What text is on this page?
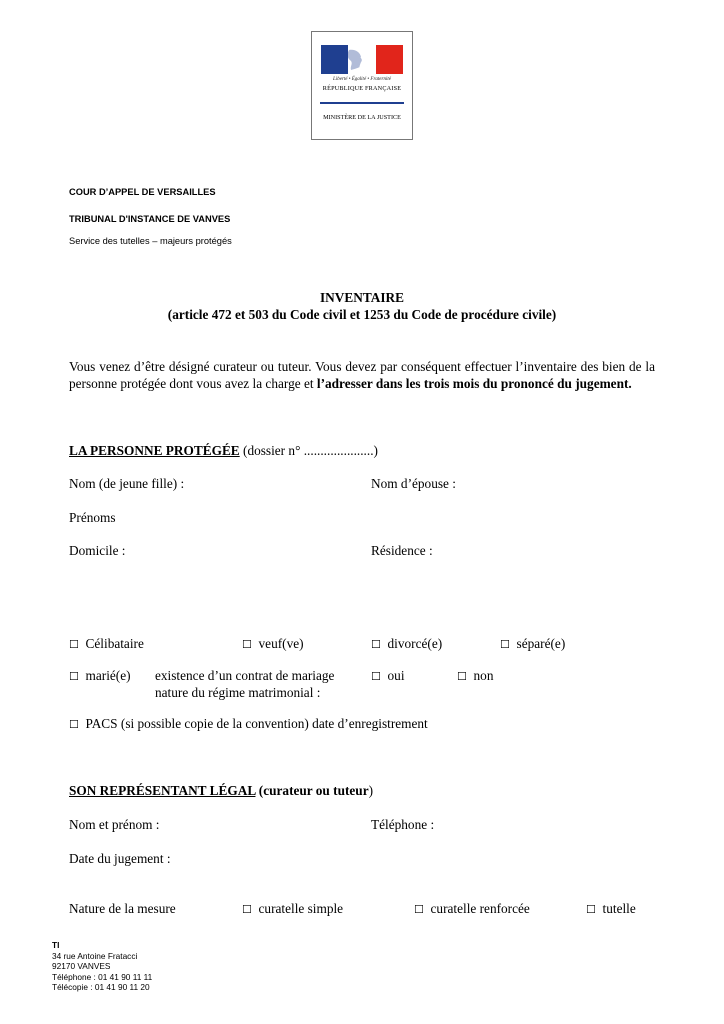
Liberté • Égalité • Fraternité
RÉPUBLIQUE FRANÇAISE
MINISTÈRE DE LA JUSTICE
COUR D’APPEL DE VERSAILLES
TRIBUNAL D'INSTANCE DE VANVES
Service des tutelles – majeurs protégés
INVENTAIRE
(article 472 et 503 du Code civil et 1253 du Code de procédure civile)
Vous venez d’être désigné curateur ou tuteur. Vous devez par conséquent effectuer l’inventaire des bien de la personne protégée dont vous avez la charge et l’adresser dans les trois mois du prononcé du jugement.
LA PERSONNE PROTÉGÉE (dossier n° .....................)
Nom (de jeune fille) :	Nom d’épouse :
Prénoms
Domicile :	Résidence :
☐ Célibataire	☐ veuf(ve)	☐ divorcé(e)	☐ séparé(e)
☐ marié(e) existence d’un contrat de mariage
nature du régime matrimonial :
☐ oui	☐ non
☐ PACS (si possible copie de la convention) date d’enregistrement
SON REPRÉSENTANT LÉGAL (curateur ou tuteur)
Nom et prénom :	Téléphone :
Date du jugement :
Nature de la mesure	☐ curatelle simple	☐ curatelle renforcée	☐ tutelle
TI
34 rue Antoine Fratacci
92170 VANVES
Téléphone : 01 41 90 11 11
Télécopie : 01 41 90 11 20
